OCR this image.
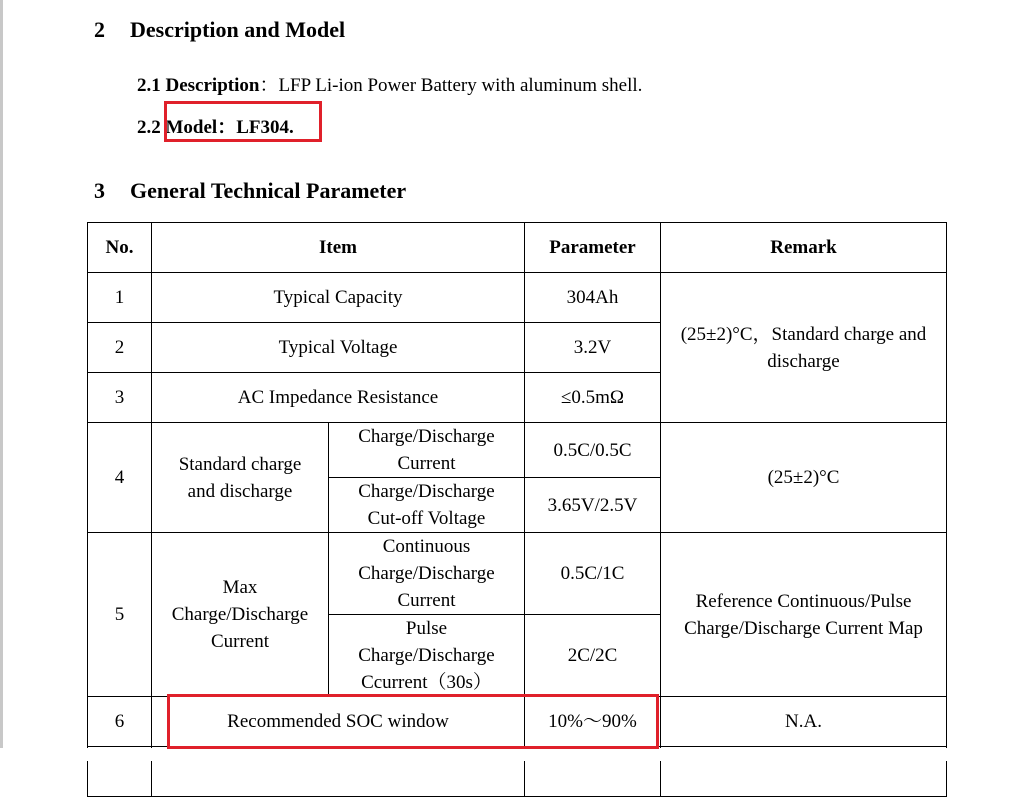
2 Description and Model
2.1 Description：LFP Li-ion Power Battery with aluminum shell.
2.2 Model：LF304.
3 General Technical Parameter
No.	Item		Parameter	Remark
1	Typical Capacity		304Ah	(25±2)°C，Standard charge and discharge
2	Typical Voltage		3.2V	
3	AC Impedance Resistance		≤0.5mΩ	
4	Standard charge and discharge	Charge/Discharge Current	0.5C/0.5C	(25±2)°C
		Charge/Discharge Cut-off Voltage	3.65V/2.5V	
5	Max Charge/Discharge Current	Continuous Charge/Discharge Current	0.5C/1C	Reference Continuous/Pulse Charge/Discharge Current Map
		Pulse Charge/Discharge Ccurrent（30s）	2C/2C	
6	Recommended SOC window		10%～90%	N.A.
